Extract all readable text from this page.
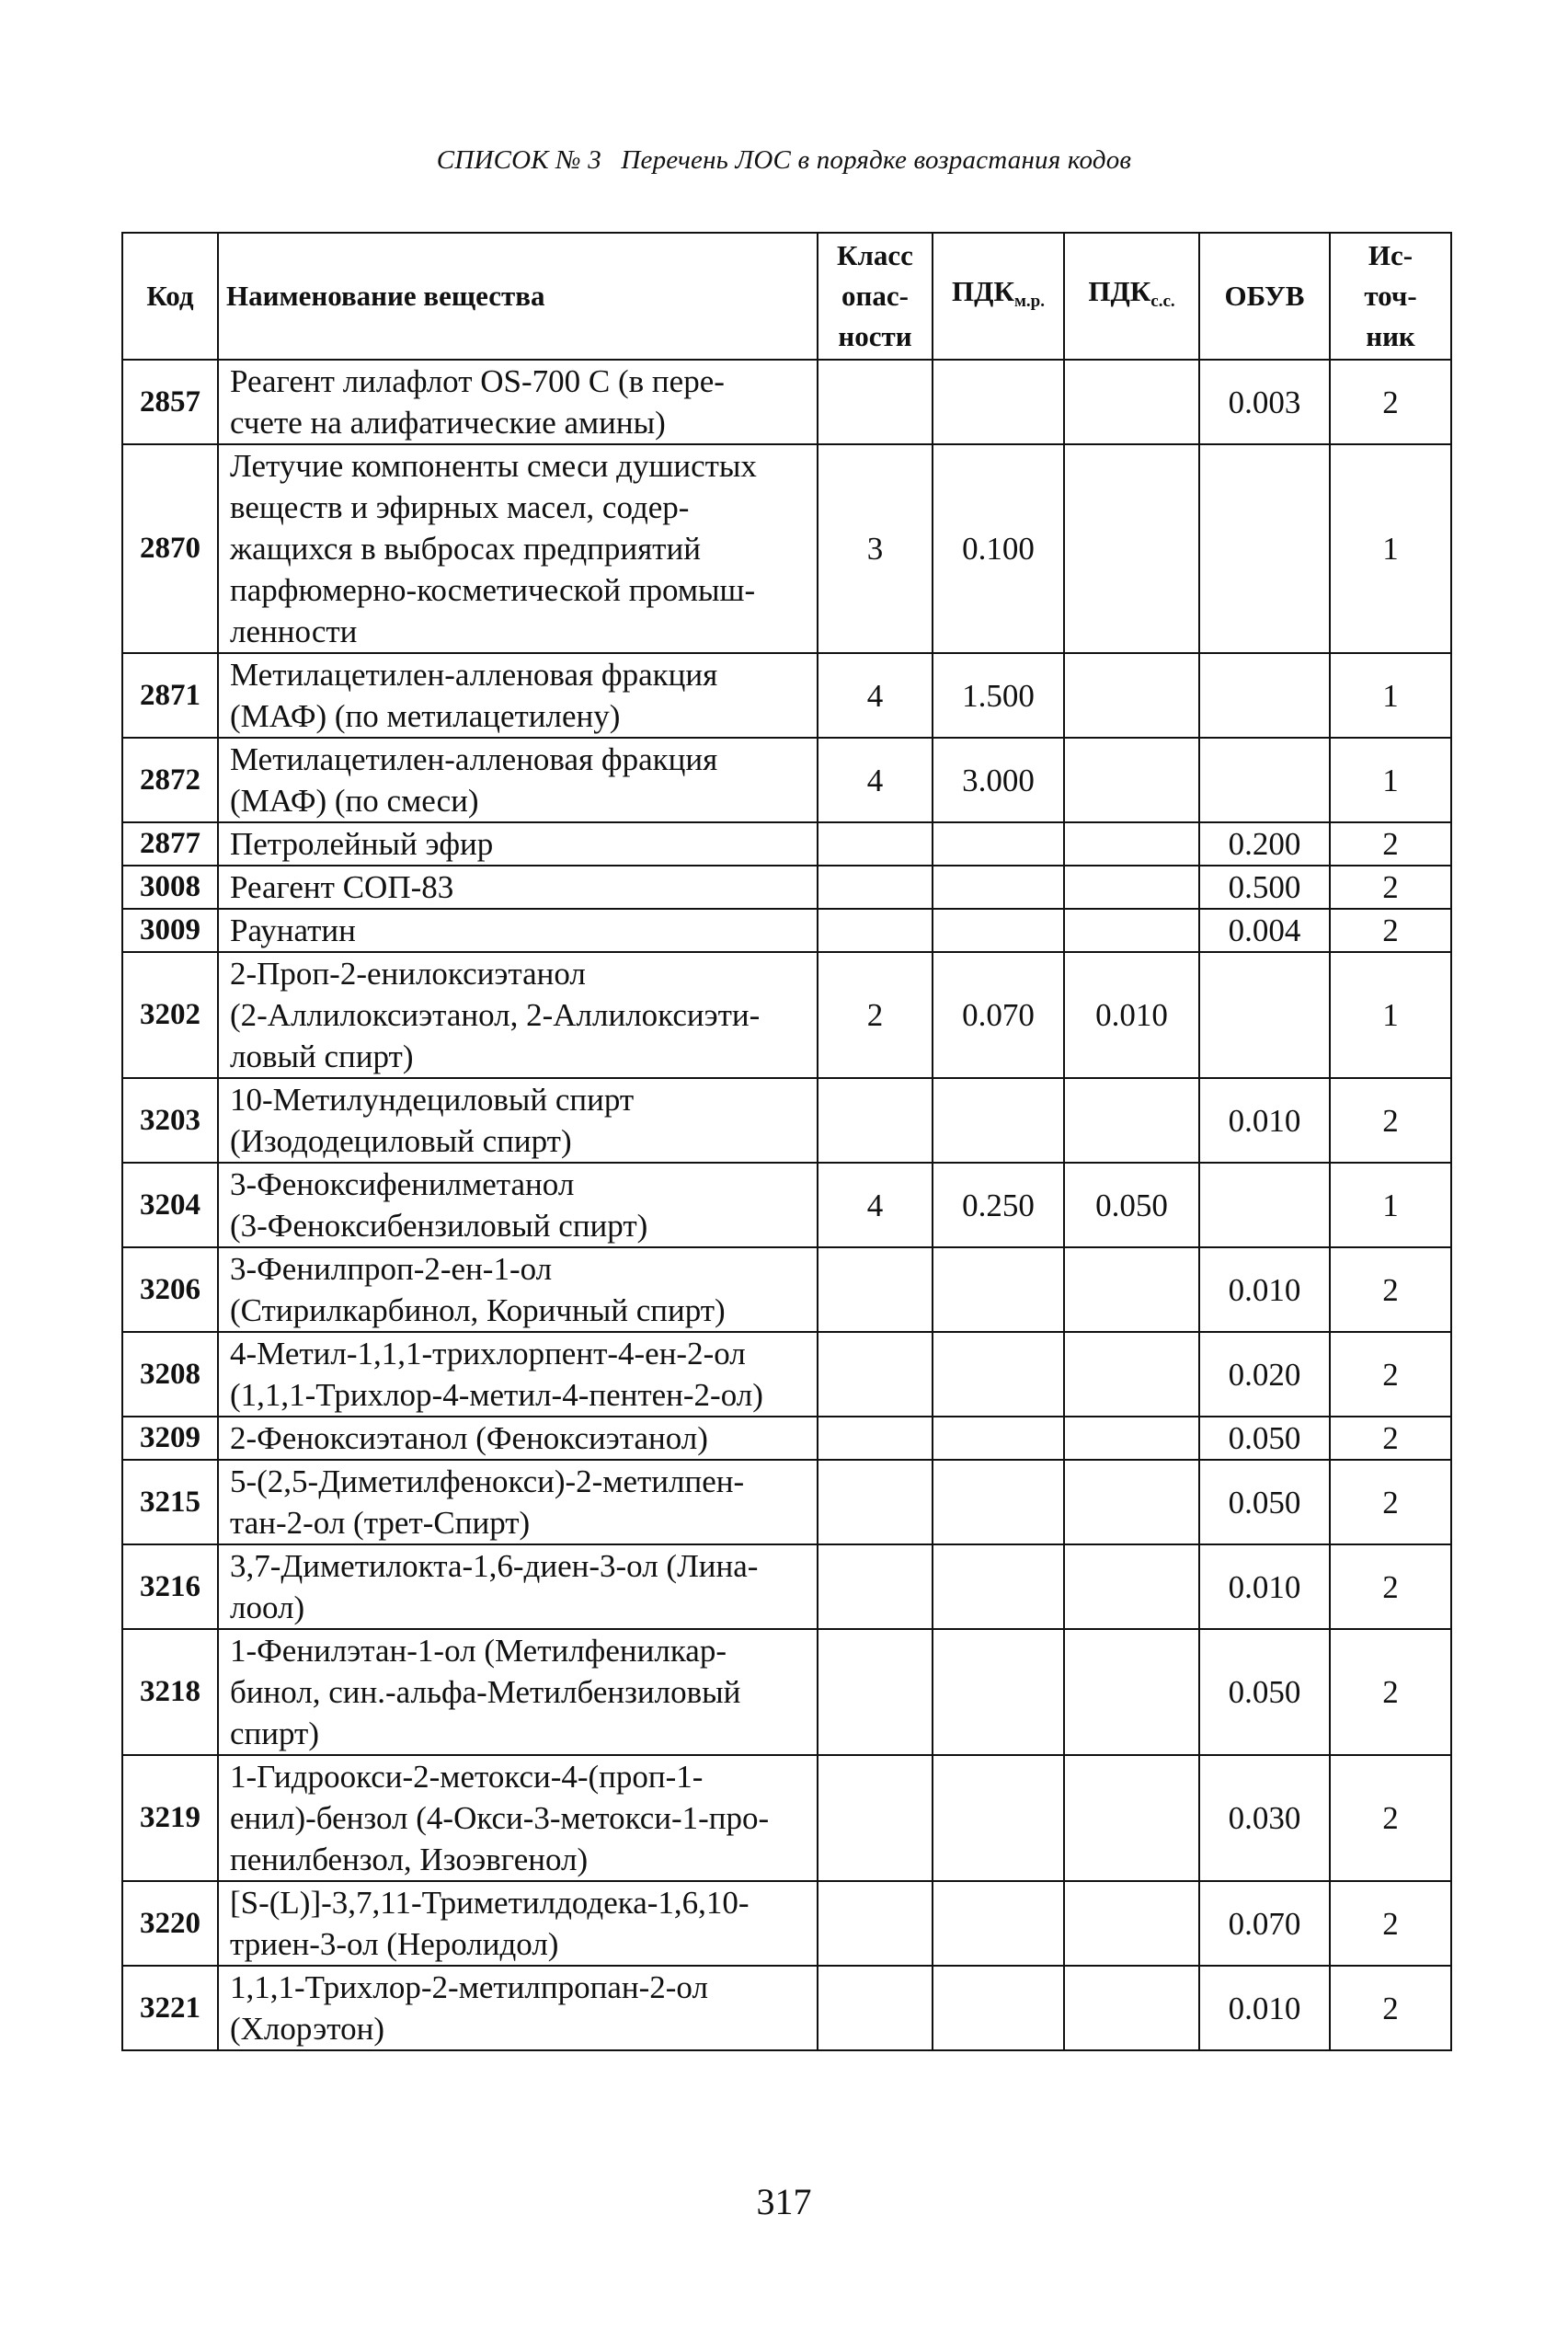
СПИСОК № 3 Перечень ЛОС в порядке возрастания кодов
Код	Наименование вещества	Класс
опас-
ности	$ПДК_{м.р.}$	$ПДК_{с.с.}$	ОБУВ	Ис-
точ-
ник
2857	Реагент лилафлот OS-700 С (в пере-
счете на алифатические амины)				0.003	2
2870	Летучие компоненты смеси душистых
веществ и эфирных масел, содер-
жащихся в выбросах предприятий
парфюмерно-косметической промыш-
ленности	3	0.100			1
2871	Метилацетилен-алленовая фракция
(МАФ) (по метилацетилену)	4	1.500			1
2872	Метилацетилен-алленовая фракция
(МАФ) (по смеси)	4	3.000			1
2877	Петролейный эфир				0.200	2
3008	Реагент СОП-83				0.500	2
3009	Раунатин				0.004	2
3202	2-Проп-2-енилоксиэтанол
(2-Аллилоксиэтанол, 2-Аллилоксиэти-
ловый спирт)	2	0.070	0.010		1
3203	10-Метилундециловый спирт
(Изододециловый спирт)				0.010	2
3204	3-Феноксифенилметанол
(3-Феноксибензиловый спирт)	4	0.250	0.050		1
3206	3-Фенилпроп-2-ен-1-ол
(Стирилкарбинол, Коричный спирт)				0.010	2
3208	4-Метил-1,1,1-трихлорпент-4-ен-2-ол
(1,1,1-Трихлор-4-метил-4-пентен-2-ол)				0.020	2
3209	2-Феноксиэтанол (Феноксиэтанол)				0.050	2
3215	5-(2,5-Диметилфенокси)-2-метилпен-
тан-2-ол (трет-Спирт)				0.050	2
3216	3,7-Диметилокта-1,6-диен-3-ол (Лина-
лоол)				0.010	2
3218	1-Фенилэтан-1-ол (Метилфенилкар-
бинол, син.-альфа-Метилбензиловый
спирт)				0.050	2
3219	1-Гидроокси-2-метокси-4-(проп-1-
енил)-бензол (4-Окси-3-метокси-1-про-
пенилбензол, Изоэвгенол)				0.030	2
3220	[S-(L)]-3,7,11-Триметилдодека-1,6,10-
триен-3-ол (Неролидол)				0.070	2
3221	1,1,1-Трихлор-2-метилпропан-2-ол
(Хлорэтон)				0.010	2
317
